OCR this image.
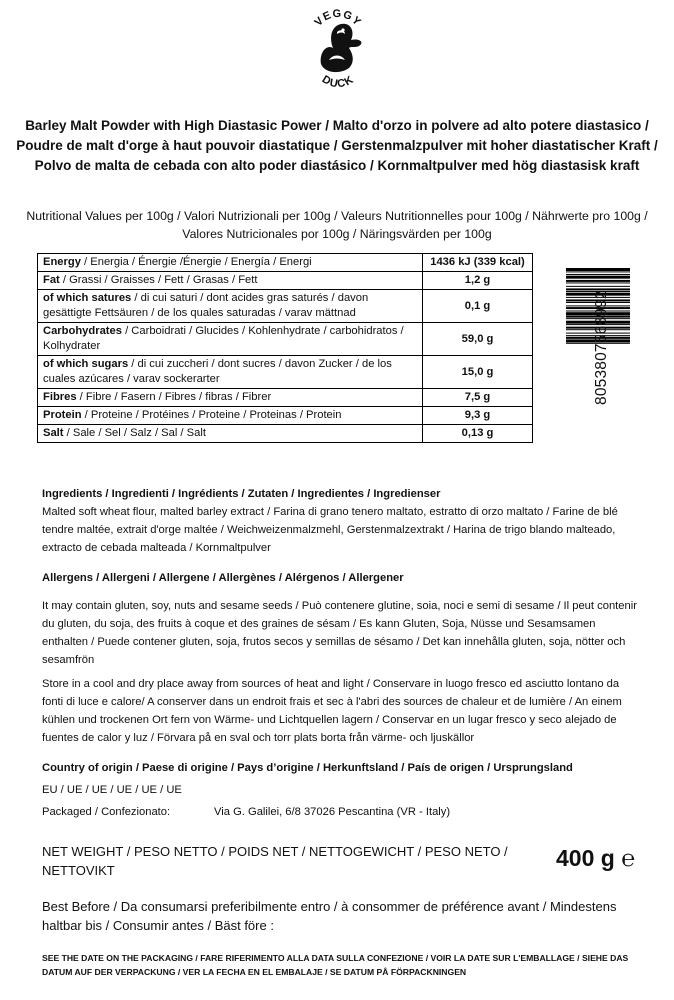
VEGGY
DUCK
Barley Malt Powder with High Diastasic Power / Malto d'orzo in polvere ad alto potere diastasico / Poudre de malt d'orge à haut pouvoir diastatique / Gerstenmalzpulver mit hoher diastatischer Kraft / Polvo de malta de cebada con alto poder diastásico / Kornmaltpulver med hög diastasisk kraft
Nutritional Values per 100g / Valori Nutrizionali per 100g / Valeurs Nutritionnelles pour 100g / Nährwerte pro 100g / Valores Nutricionales por 100g / Näringsvärden per 100g
Energy / Energia / Énergie /Énergie / Energía / Energi	1436 kJ (339 kcal)
Fat / Grassi / Graisses / Fett / Grasas / Fett	1,2 g
of which satures / di cui saturi / dont acides gras saturés / davon gesättigte Fettsäuren / de los quales saturadas / varav mättnad	0,1 g
Carbohydrates / Carboidrati / Glucides / Kohlenhydrate / carbohidratos / Kolhydrater	59,0 g
of which sugars / di cui zuccheri / dont sucres / davon Zucker / de los cuales azúcares / varav sockerarter	15,0 g
Fibres / Fibre / Fasern / Fibres / fibras / Fibrer	7,5 g
Protein / Proteine / Protéines / Proteine / Proteinas / Protein	9,3 g
Salt / Sale / Sel / Salz / Sal / Salt	0,13 g
8053807568992
Ingredients / Ingredienti / Ingrédients / Zutaten / Ingredientes / Ingredienser
Malted soft wheat flour, malted barley extract / Farina di grano tenero maltato, estratto di orzo maltato / Farine de blé tendre maltée, extrait d'orge maltée / Weichweizenmalzmehl, Gerstenmalzextrakt / Harina de trigo blando malteado, extracto de cebada malteada / Kornmaltpulver
Allergens / Allergeni / Allergene / Allergènes / Alérgenos / Allergener
It may contain gluten, soy, nuts and sesame seeds / Può contenere glutine, soia, noci e semi di sesame / Il peut contenir du gluten, du soja, des fruits à coque et des graines de sésam / Es kann Gluten, Soja, Nüsse und Sesamsamen enthalten / Puede contener gluten, soja, frutos secos y semillas de sésamo / Det kan innehålla gluten, soja, nötter och sesamfrön
Store in a cool and dry place away from sources of heat and light / Conservare in luogo fresco ed asciutto lontano da fonti di luce e calore/ A conserver dans un endroit frais et sec à l'abri des sources de chaleur et de lumière / An einem kühlen und trockenen Ort fern von Wärme- und Lichtquellen lagern / Conservar en un lugar fresco y seco alejado de fuentes de calor y luz / Förvara på en sval och torr plats borta från värme- och ljuskällor
Country of origin / Paese di origine / Pays d’origine / Herkunftsland / País de origen / Ursprungsland
EU / UE / UE / UE / UE / UE
Packaged / Confezionato:	Via G. Galilei, 6/8 37026 Pescantina (VR - Italy)
NET WEIGHT / PESO NETTO / POIDS NET / NETTOGEWICHT / PESO NETO / NETTOVIKT	400 g ℮
Best Before / Da consumarsi preferibilmente entro / à consommer de préférence avant / Mindestens haltbar bis / Consumir antes / Bäst före :
SEE THE DATE ON THE PACKAGING / FARE RIFERIMENTO ALLA DATA SULLA CONFEZIONE / VOIR LA DATE SUR L'EMBALLAGE / SIEHE DAS DATUM AUF DER VERPACKUNG / VER LA FECHA EN EL EMBALAJE / SE DATUM PÅ FÖRPACKNINGEN
